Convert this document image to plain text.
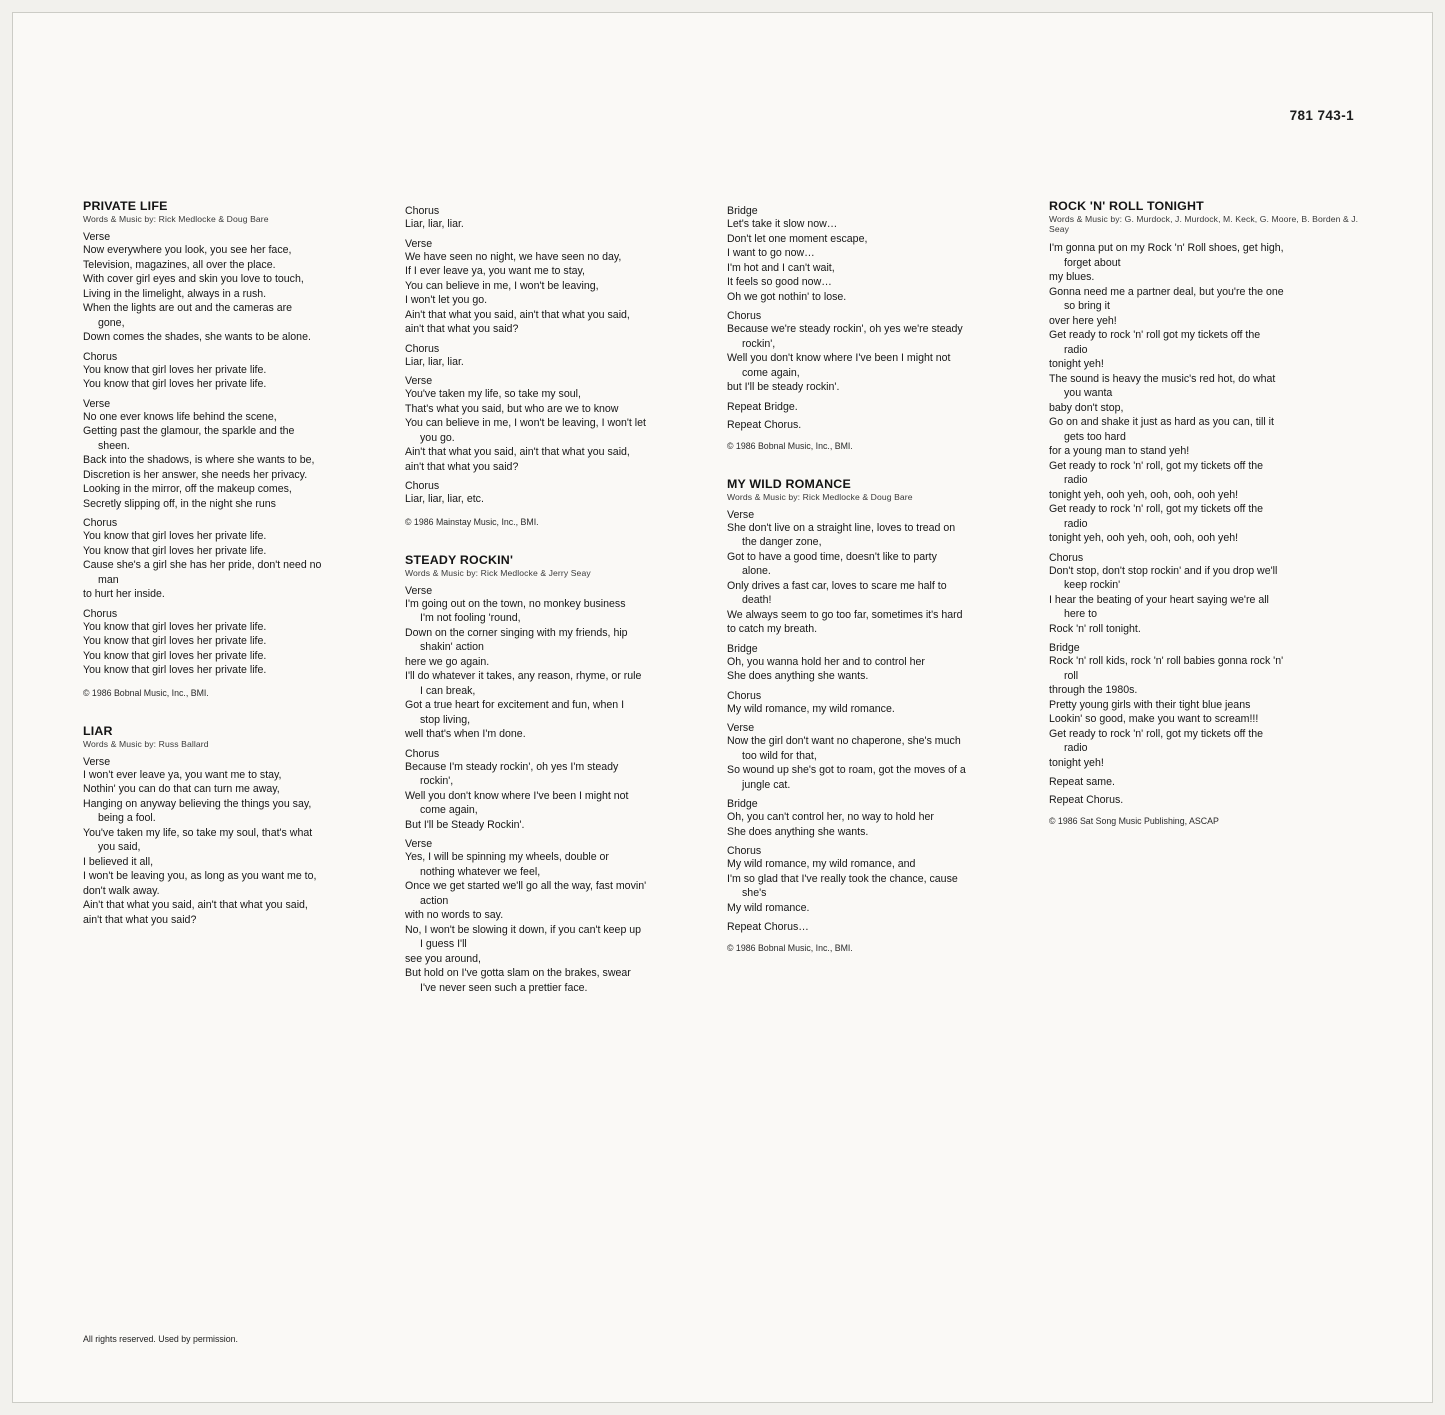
781 743-1
PRIVATE LIFE
Words & Music by: Rick Medlocke & Doug Bare
Verse
Now everywhere you look, you see her face,
Television, magazines, all over the place.
With cover girl eyes and skin you love to touch,
Living in the limelight, always in a rush.
When the lights are out and the cameras are
gone,
Down comes the shades, she wants to be alone.
Chorus
You know that girl loves her private life.
You know that girl loves her private life.
Verse
No one ever knows life behind the scene,
Getting past the glamour, the sparkle and the
sheen.
Back into the shadows, is where she wants to be,
Discretion is her answer, she needs her privacy.
Looking in the mirror, off the makeup comes,
Secretly slipping off, in the night she runs
Chorus
You know that girl loves her private life.
You know that girl loves her private life.
Cause she's a girl she has her pride, don't need no
man
to hurt her inside.
Chorus
You know that girl loves her private life.
You know that girl loves her private life.
You know that girl loves her private life.
You know that girl loves her private life.
© 1986 Bobnal Music, Inc., BMI.
LIAR
Words & Music by: Russ Ballard
Verse
I won't ever leave ya, you want me to stay,
Nothin' you can do that can turn me away,
Hanging on anyway believing the things you say,
being a fool.
You've taken my life, so take my soul, that's what
you said,
I believed it all,
I won't be leaving you, as long as you want me to,
don't walk away.
Ain't that what you said, ain't that what you said,
ain't that what you said?
Chorus
Liar, liar, liar.
Verse
We have seen no night, we have seen no day,
If I ever leave ya, you want me to stay,
You can believe in me, I won't be leaving,
I won't let you go.
Ain't that what you said, ain't that what you said,
ain't that what you said?
Chorus
Liar, liar, liar.
Verse
You've taken my life, so take my soul,
That's what you said, but who are we to know
You can believe in me, I won't be leaving, I won't let
you go.
Ain't that what you said, ain't that what you said,
ain't that what you said?
Chorus
Liar, liar, liar, etc.
© 1986 Mainstay Music, Inc., BMI.
STEADY ROCKIN'
Words & Music by: Rick Medlocke & Jerry Seay
Verse
I'm going out on the town, no monkey business
I'm not fooling 'round,
Down on the corner singing with my friends, hip
shakin' action
here we go again.
I'll do whatever it takes, any reason, rhyme, or rule
I can break,
Got a true heart for excitement and fun, when I
stop living,
well that's when I'm done.
Chorus
Because I'm steady rockin', oh yes I'm steady
rockin',
Well you don't know where I've been I might not
come again,
But I'll be Steady Rockin'.
Verse
Yes, I will be spinning my wheels, double or
nothing whatever we feel,
Once we get started we'll go all the way, fast movin'
action
with no words to say.
No, I won't be slowing it down, if you can't keep up
I guess I'll
see you around,
But hold on I've gotta slam on the brakes, swear
I've never seen such a prettier face.
Bridge
Let's take it slow now…
Don't let one moment escape,
I want to go now…
I'm hot and I can't wait,
It feels so good now…
Oh we got nothin' to lose.
Chorus
Because we're steady rockin', oh yes we're steady
rockin',
Well you don't know where I've been I might not
come again,
but I'll be steady rockin'.
Repeat Bridge.
Repeat Chorus.
© 1986 Bobnal Music, Inc., BMI.
MY WILD ROMANCE
Words & Music by: Rick Medlocke & Doug Bare
Verse
She don't live on a straight line, loves to tread on
the danger zone,
Got to have a good time, doesn't like to party
alone.
Only drives a fast car, loves to scare me half to
death!
We always seem to go too far, sometimes it's hard
to catch my breath.
Bridge
Oh, you wanna hold her and to control her
She does anything she wants.
Chorus
My wild romance, my wild romance.
Verse
Now the girl don't want no chaperone, she's much
too wild for that,
So wound up she's got to roam, got the moves of a
jungle cat.
Bridge
Oh, you can't control her, no way to hold her
She does anything she wants.
Chorus
My wild romance, my wild romance, and
I'm so glad that I've really took the chance, cause
she's
My wild romance.
Repeat Chorus…
© 1986 Bobnal Music, Inc., BMI.
ROCK 'N' ROLL TONIGHT
Words & Music by: G. Murdock, J. Murdock, M. Keck, G. Moore, B. Borden & J. Seay
I'm gonna put on my Rock 'n' Roll shoes, get high,
forget about
my blues.
Gonna need me a partner deal, but you're the one
so bring it
over here yeh!
Get ready to rock 'n' roll got my tickets off the
radio
tonight yeh!
The sound is heavy the music's red hot, do what
you wanta
baby don't stop,
Go on and shake it just as hard as you can, till it
gets too hard
for a young man to stand yeh!
Get ready to rock 'n' roll, got my tickets off the
radio
tonight yeh, ooh yeh, ooh, ooh, ooh yeh!
Get ready to rock 'n' roll, got my tickets off the
radio
tonight yeh, ooh yeh, ooh, ooh, ooh yeh!
Chorus
Don't stop, don't stop rockin' and if you drop we'll
keep rockin'
I hear the beating of your heart saying we're all
here to
Rock 'n' roll tonight.
Bridge
Rock 'n' roll kids, rock 'n' roll babies gonna rock 'n'
roll
through the 1980s.
Pretty young girls with their tight blue jeans
Lookin' so good, make you want to scream!!!
Get ready to rock 'n' roll, got my tickets off the
radio
tonight yeh!
Repeat same.
Repeat Chorus.
© 1986 Sat Song Music Publishing, ASCAP
All rights reserved. Used by permission.
